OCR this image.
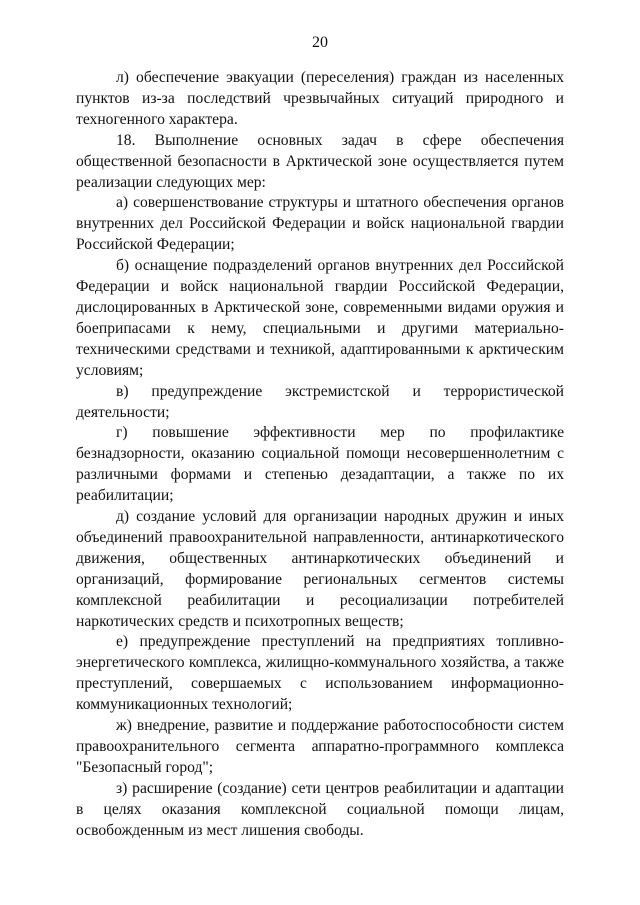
20

л) обеспечение эвакуации (переселения) граждан из населенных пунктов из-за последствий чрезвычайных ситуаций природного и техногенного характера.

18. Выполнение основных задач в сфере обеспечения общественной безопасности в Арктической зоне осуществляется путем реализации следующих мер:

а) совершенствование структуры и штатного обеспечения органов внутренних дел Российской Федерации и войск национальной гвардии Российской Федерации;

б) оснащение подразделений органов внутренних дел Российской Федерации и войск национальной гвардии Российской Федерации, дислоцированных в Арктической зоне, современными видами оружия и боеприпасами к нему, специальными и другими материально-техническими средствами и техникой, адаптированными к арктическим условиям;

в) предупреждение экстремистской и террористической деятельности;

г) повышение эффективности мер по профилактике безнадзорности, оказанию социальной помощи несовершеннолетним с различными формами и степенью дезадаптации, а также по их реабилитации;

д) создание условий для организации народных дружин и иных объединений правоохранительной направленности, антинаркотического движения, общественных антинаркотических объединений и организаций, формирование региональных сегментов системы комплексной реабилитации и ресоциализации потребителей наркотических средств и психотропных веществ;

е) предупреждение преступлений на предприятиях топливно-энергетического комплекса, жилищно-коммунального хозяйства, а также преступлений, совершаемых с использованием информационно-коммуникационных технологий;

ж) внедрение, развитие и поддержание работоспособности систем правоохранительного сегмента аппаратно-программного комплекса "Безопасный город";

з) расширение (создание) сети центров реабилитации и адаптации в целях оказания комплексной социальной помощи лицам, освобожденным из мест лишения свободы.
